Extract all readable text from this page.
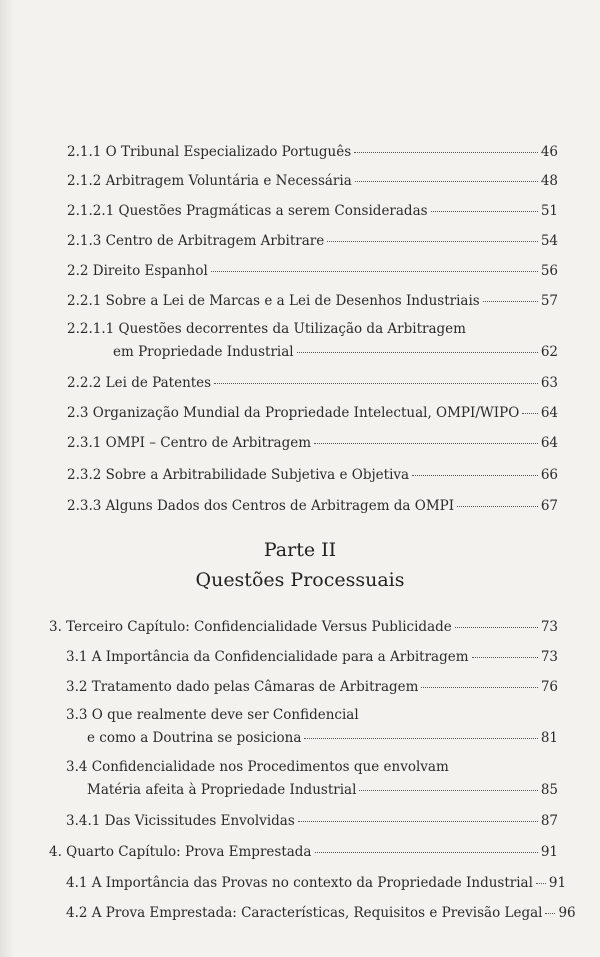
2.1.1 O Tribunal Especializado Português	46
2.1.2 Arbitragem Voluntária e Necessária	48
2.1.2.1 Questões Pragmáticas a serem Consideradas	51
2.1.3 Centro de Arbitragem Arbitrare	54
2.2 Direito Espanhol	56
2.2.1 Sobre a Lei de Marcas e a Lei de Desenhos Industriais	57
2.2.1.1 Questões decorrentes da Utilização da Arbitragem
em Propriedade Industrial	62
2.2.2 Lei de Patentes	63
2.3 Organização Mundial da Propriedade Intelectual, OMPI/WIPO 64
2.3.1 OMPI – Centro de Arbitragem	64
2.3.2 Sobre a Arbitrabilidade Subjetiva e Objetiva	66
2.3.3 Alguns Dados dos Centros de Arbitragem da OMPI	67
Parte II
Questões Processuais
3. Terceiro Capítulo: Confidencialidade Versus Publicidade	73
3.1 A Importância da Confidencialidade para a Arbitragem	73
3.2 Tratamento dado pelas Câmaras de Arbitragem	76
3.3 O que realmente deve ser Confidencial
e como a Doutrina se posiciona	81
3.4 Confidencialidade nos Procedimentos que envolvam
Matéria afeita à Propriedade Industrial	85
3.4.1 Das Vicissitudes Envolvidas	87
4. Quarto Capítulo: Prova Emprestada	91
4.1 A Importância das Provas no contexto da Propriedade Industrial 91
4.2 A Prova Emprestada: Características, Requisitos e Previsão Legal 96
